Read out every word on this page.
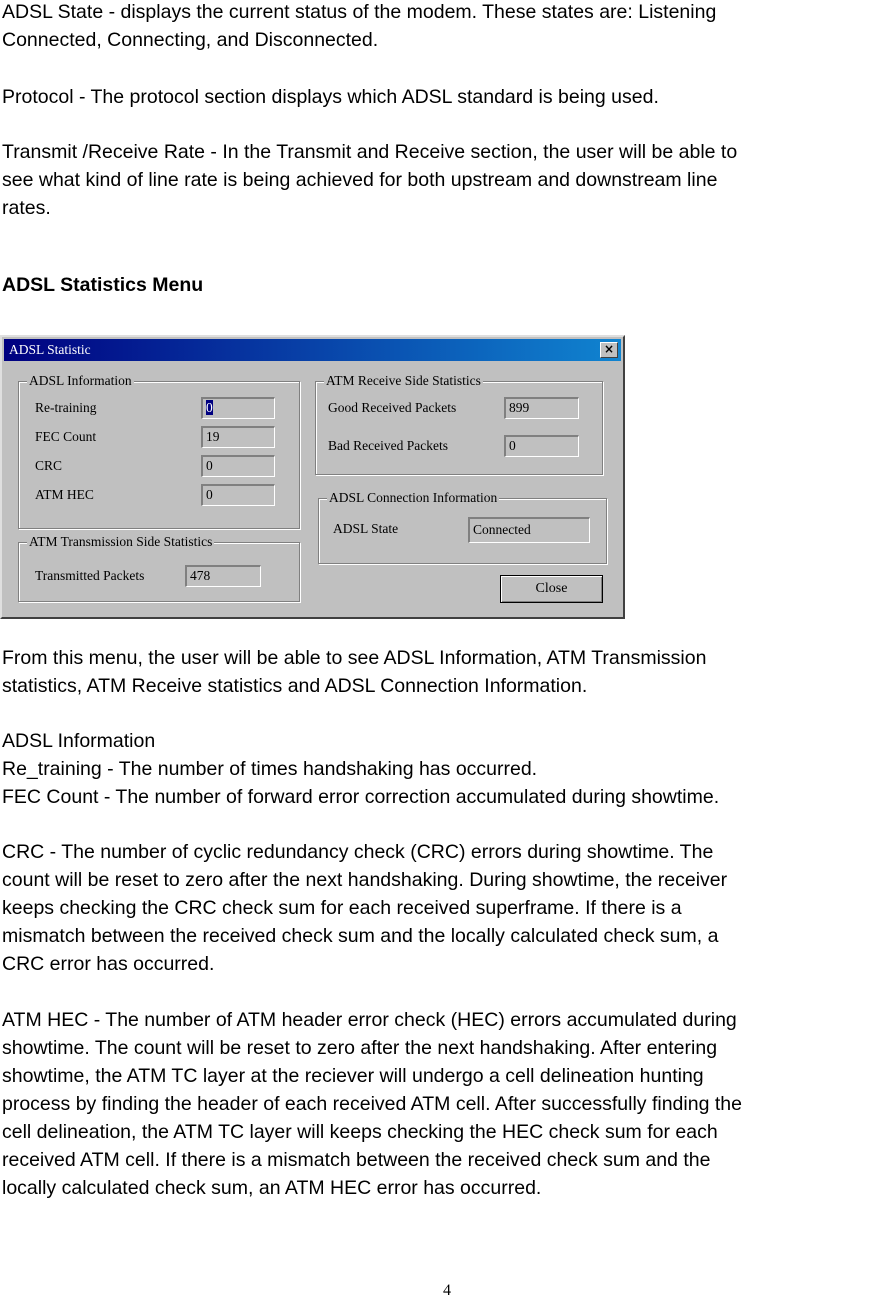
ADSL State - displays the current status of the modem. These states are: Listening
Connected, Connecting, and Disconnected.

Protocol - The protocol section displays which ADSL standard is being used.

Transmit /Receive Rate - In the Transmit and Receive section, the user will be able to
see what kind of line rate is being achieved for both upstream and downstream line
rates.

ADSL Statistics Menu
ADSL Statistic	×
ADSL Information
Re-training	0
FEC Count	19
CRC	0
ATM HEC	0
ATM Transmission Side Statistics
Transmitted Packets	478
ATM Receive Side Statistics
Good Received Packets	899
Bad Received Packets	0
ADSL Connection Information
ADSL State	Connected
Close

From this menu, the user will be able to see ADSL Information, ATM Transmission
statistics, ATM Receive statistics and ADSL Connection Information.

ADSL Information
Re_training - The number of times handshaking has occurred.
FEC Count - The number of forward error correction accumulated during showtime.

CRC - The number of cyclic redundancy check (CRC) errors during showtime. The
count will be reset to zero after the next handshaking. During showtime, the receiver
keeps checking the CRC check sum for each received superframe. If there is a
mismatch between the received check sum and the locally calculated check sum, a
CRC error has occurred.

ATM HEC - The number of ATM header error check (HEC) errors accumulated during
showtime. The count will be reset to zero after the next handshaking. After entering
showtime, the ATM TC layer at the reciever will undergo a cell delineation hunting
process by finding the header of each received ATM cell. After successfully finding the
cell delineation, the ATM TC layer will keeps checking the HEC check sum for each
received ATM cell. If there is a mismatch between the received check sum and the
locally calculated check sum, an ATM HEC error has occurred.

4
